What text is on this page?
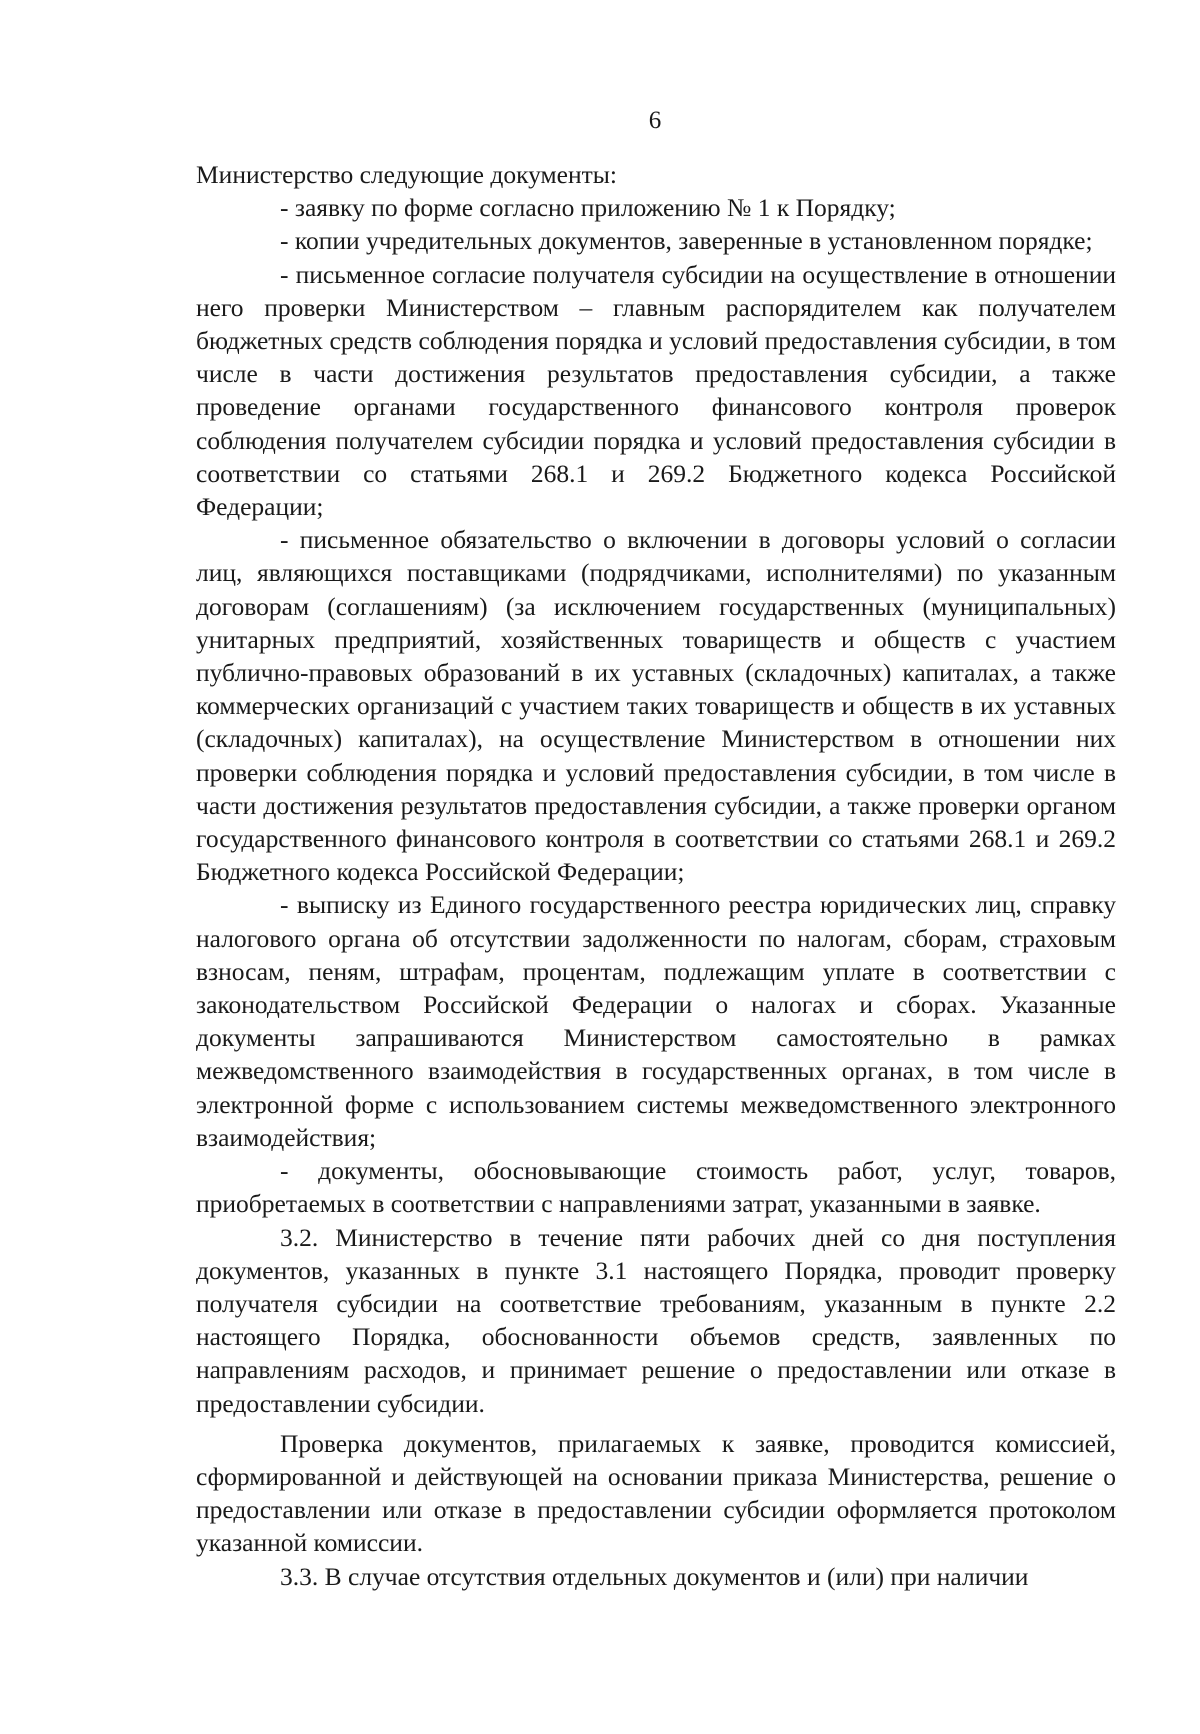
6

Министерство следующие документы:

- заявку по форме согласно приложению № 1 к Порядку;

- копии учредительных документов, заверенные в установленном порядке;

- письменное согласие получателя субсидии на осуществление в отношении него проверки Министерством – главным распорядителем как получателем бюджетных средств соблюдения порядка и условий предоставления субсидии, в том числе в части достижения результатов предоставления субсидии, а также проведение органами государственного финансового контроля проверок соблюдения получателем субсидии порядка и условий предоставления субсидии в соответствии со статьями 268.1 и 269.2 Бюджетного кодекса Российской Федерации;

- письменное обязательство о включении в договоры условий о согласии лиц, являющихся поставщиками (подрядчиками, исполнителями) по указанным договорам (соглашениям) (за исключением государственных (муниципальных) унитарных предприятий, хозяйственных товариществ и обществ с участием публично-правовых образований в их уставных (складочных) капиталах, а также коммерческих организаций с участием таких товариществ и обществ в их уставных (складочных) капиталах), на осуществление Министерством в отношении них проверки соблюдения порядка и условий предоставления субсидии, в том числе в части достижения результатов предоставления субсидии, а также проверки органом государственного финансового контроля в соответствии со статьями 268.1 и 269.2 Бюджетного кодекса Российской Федерации;

- выписку из Единого государственного реестра юридических лиц, справку налогового органа об отсутствии задолженности по налогам, сборам, страховым взносам, пеням, штрафам, процентам, подлежащим уплате в соответствии с законодательством Российской Федерации о налогах и сборах. Указанные документы запрашиваются Министерством самостоятельно в рамках межведомственного взаимодействия в государственных органах, в том числе в электронной форме с использованием системы межведомственного электронного взаимодействия;

- документы, обосновывающие стоимость работ, услуг, товаров, приобретаемых в соответствии с направлениями затрат, указанными в заявке.

3.2. Министерство в течение пяти рабочих дней со дня поступления документов, указанных в пункте 3.1 настоящего Порядка, проводит проверку получателя субсидии на соответствие требованиям, указанным в пункте 2.2 настоящего Порядка, обоснованности объемов средств, заявленных по направлениям расходов, и принимает решение о предоставлении или отказе в предоставлении субсидии.

Проверка документов, прилагаемых к заявке, проводится комиссией, сформированной и действующей на основании приказа Министерства, решение о предоставлении или отказе в предоставлении субсидии оформляется протоколом указанной комиссии.

3.3. В случае отсутствия отдельных документов и (или) при наличии
